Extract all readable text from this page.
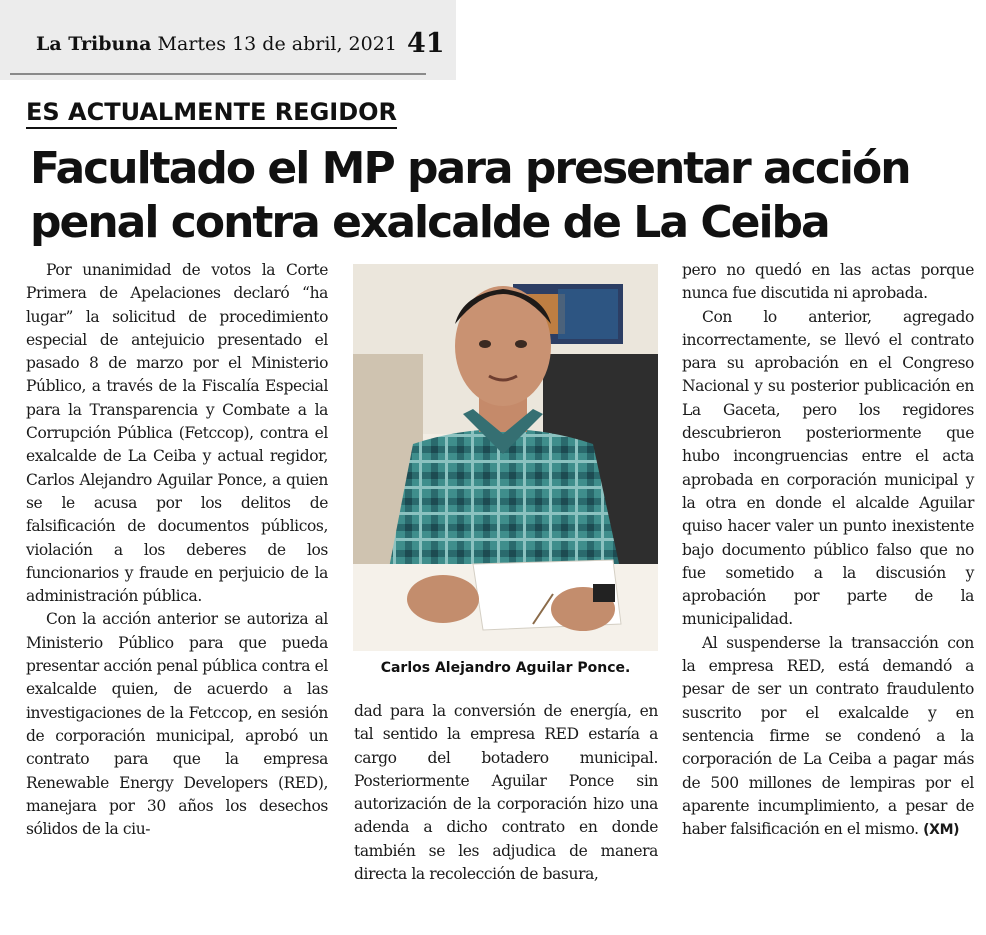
La Tribuna Martes 13 de abril, 2021 41
ES ACTUALMENTE REGIDOR
Facultado el MP para presentar acción
penal contra exalcalde de La Ceiba

Por unanimidad de votos la Corte Primera de Apelaciones declaró “ha lugar” la solicitud de procedimiento especial de antejuicio presentado el pasado 8 de marzo por el Ministerio Público, a través de la Fiscalía Especial para la Transparencia y Combate a la Corrupción Pública (Fetccop), contra el exalcalde de La Ceiba y actual regidor, Carlos Alejandro Aguilar Ponce, a quien se le acusa por los delitos de falsificación de documentos públicos, violación a los deberes de los funcionarios y fraude en perjuicio de la administración pública.

Con la acción anterior se autoriza al Ministerio Público para que pueda presentar acción penal pública contra el exalcalde quien, de acuerdo a las investigaciones de la Fetccop, en sesión de corporación municipal, aprobó un contrato para que la empresa Renewable Energy Developers (RED), manejara por 30 años los desechos sólidos de la ciu-

Carlos Alejandro Aguilar Ponce.

dad para la conversión de energía, en tal sentido la empresa RED estaría a cargo del botadero municipal. Posteriormente Aguilar Ponce sin autorización de la corporación hizo una adenda a dicho contrato en donde también se les adjudica de manera directa la recolección de basura,

pero no quedó en las actas porque nunca fue discutida ni aprobada.

Con lo anterior, agregado incorrectamente, se llevó el contrato para su aprobación en el Congreso Nacional y su posterior publicación en La Gaceta, pero los regidores descubrieron posteriormente que hubo incongruencias entre el acta aprobada en corporación municipal y la otra en donde el alcalde Aguilar quiso hacer valer un punto inexistente bajo documento público falso que no fue sometido a la discusión y aprobación por parte de la municipalidad.

Al suspenderse la transacción con la empresa RED, está demandó a pesar de ser un contrato fraudulento suscrito por el exalcalde y en sentencia firme se condenó a la corporación de La Ceiba a pagar más de 500 millones de lempiras por el aparente incumplimiento, a pesar de haber falsificación en el mismo. (XM)
